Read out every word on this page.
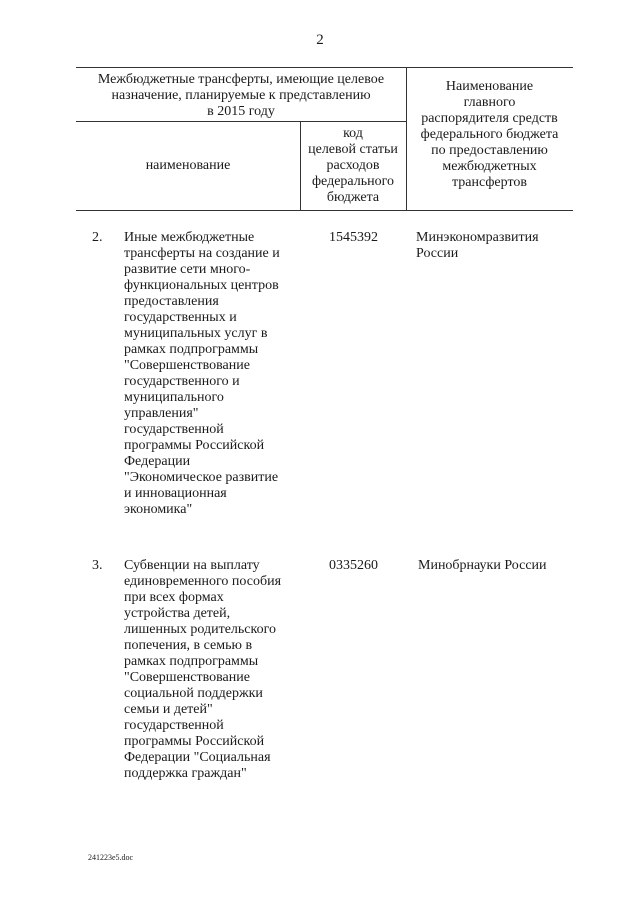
2
Межбюджетные трансферты, имеющие целевое
назначение, планируемые к представлению
в 2015 году
наименование
код
целевой статьи
расходов
федерального
бюджета
Наименование
главного
распорядителя средств
федерального бюджета
по предоставлению
межбюджетных
трансфертов
2. Иные межбюджетные
трансферты на создание и
развитие сети много-
функциональных центров
предоставления
государственных и
муниципальных услуг в
рамках подпрограммы
"Совершенствование
государственного и
муниципального
управления"
государственной
программы Российской
Федерации
"Экономическое развитие
и инновационная
экономика"
1545392	Минэкономразвития
России
3. Субвенции на выплату
единовременного пособия
при всех формах
устройства детей,
лишенных родительского
попечения, в семью в
рамках подпрограммы
"Совершенствование
социальной поддержки
семьи и детей"
государственной
программы Российской
Федерации "Социальная
поддержка граждан"
0335260	Минобрнауки России
241223e5.doc
